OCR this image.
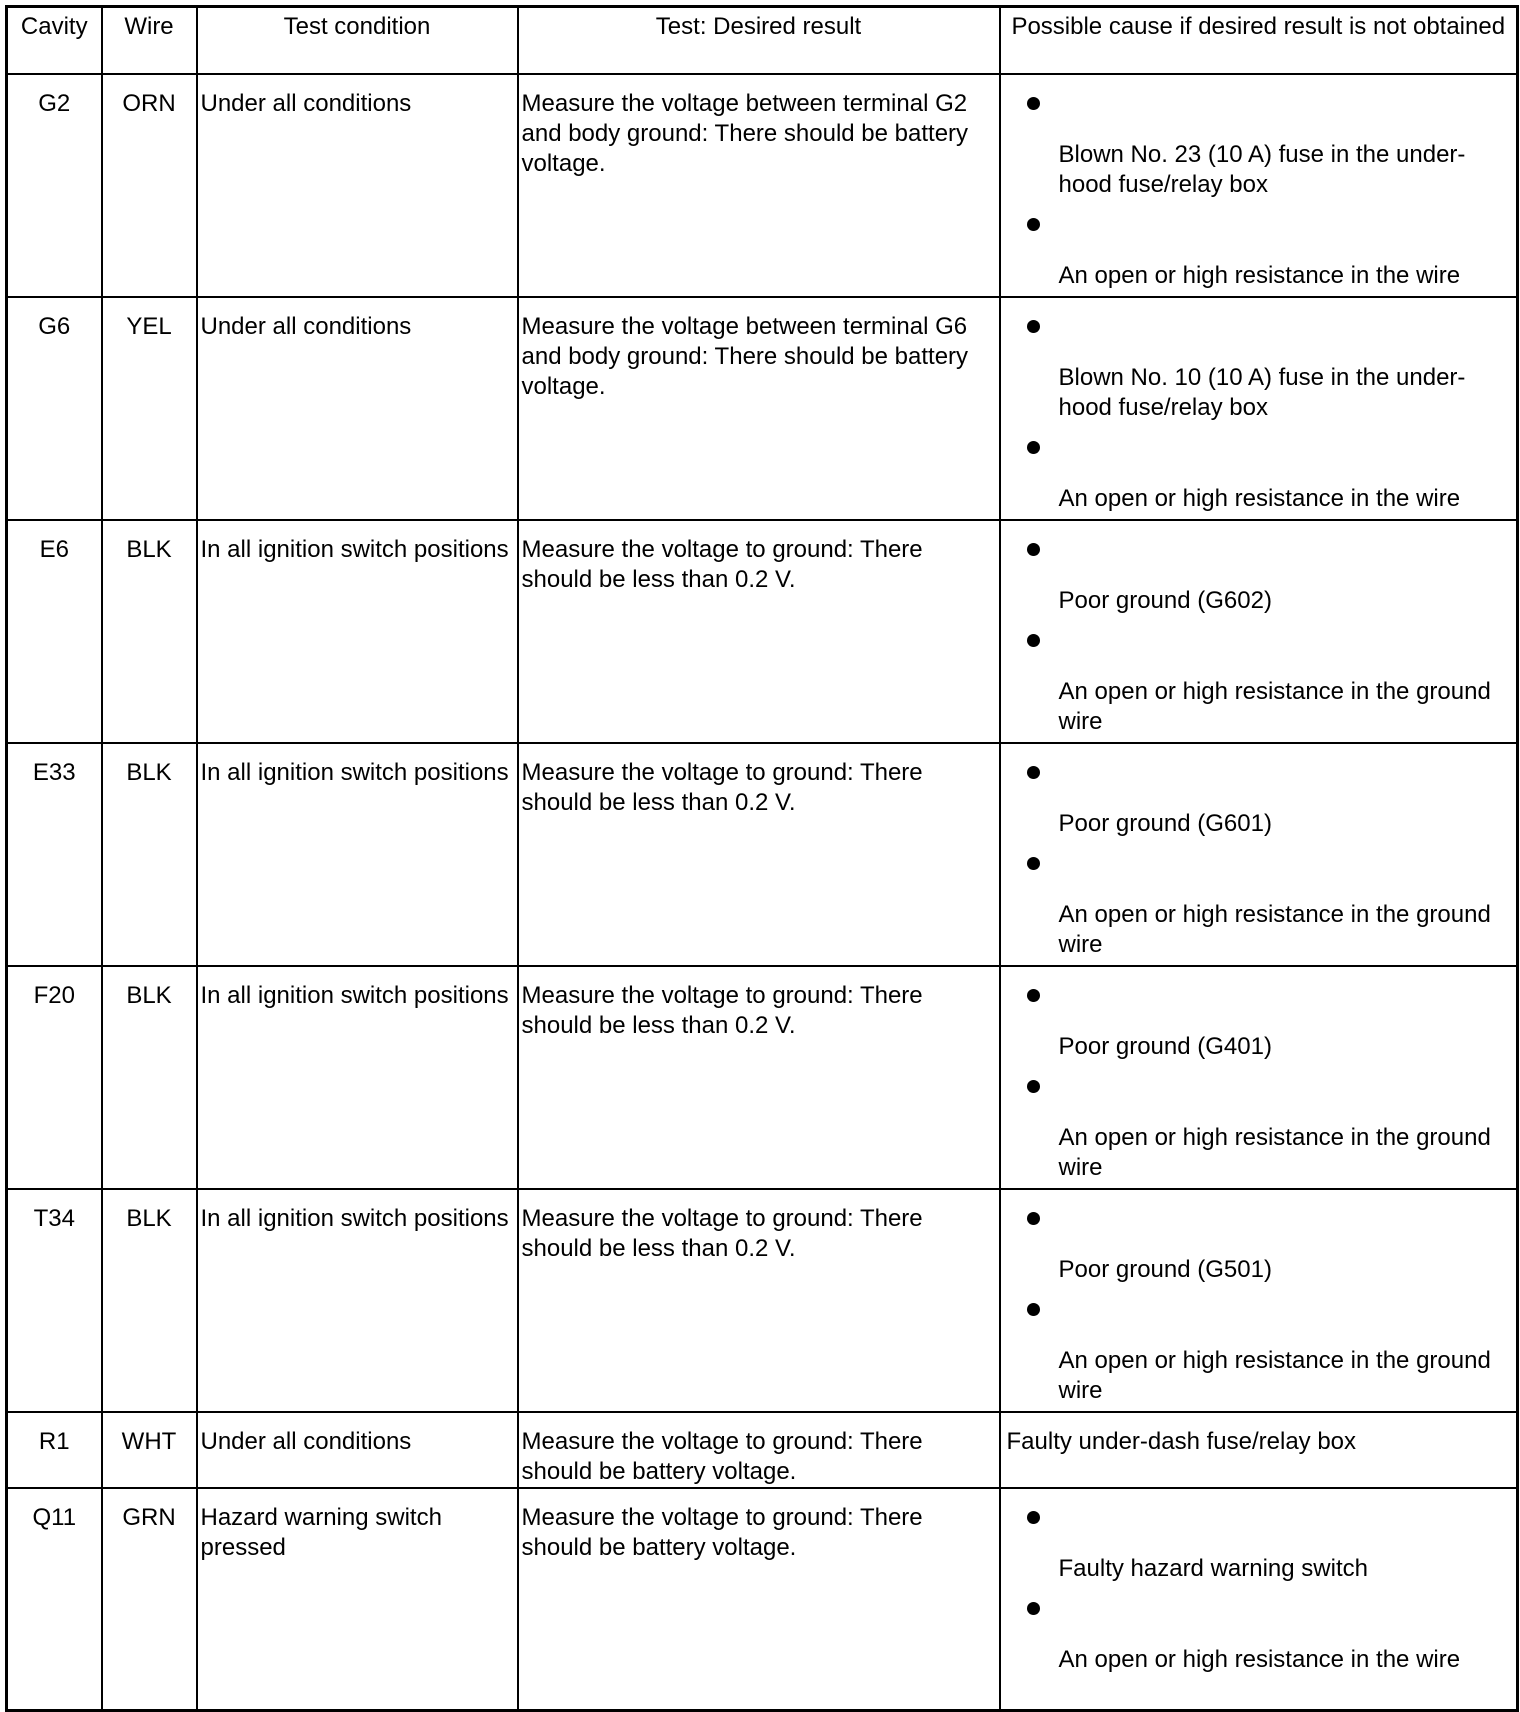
Cavity	Wire	Test condition	Test: Desired result	Possible cause if desired result is not obtained
G2	ORN	Under all conditions	Measure the voltage between terminal G2 and body ground: There should be battery voltage.	Blown No. 23 (10 A) fuse in the under-hood fuse/relay box
An open or high resistance in the wire

G6	YEL	Under all conditions	Measure the voltage between terminal G6 and body ground: There should be battery voltage.	Blown No. 10 (10 A) fuse in the under-hood fuse/relay box
An open or high resistance in the wire

E6	BLK	In all ignition switch positions	Measure the voltage to ground: There should be less than 0.2 V.	Poor ground (G602)
An open or high resistance in the ground wire

E33	BLK	In all ignition switch positions	Measure the voltage to ground: There should be less than 0.2 V.	Poor ground (G601)
An open or high resistance in the ground wire

F20	BLK	In all ignition switch positions	Measure the voltage to ground: There should be less than 0.2 V.	Poor ground (G401)
An open or high resistance in the ground wire

T34	BLK	In all ignition switch positions	Measure the voltage to ground: There should be less than 0.2 V.	Poor ground (G501)
An open or high resistance in the ground wire

R1	WHT	Under all conditions	Measure the voltage to ground: There should be battery voltage.	Faulty under-dash fuse/relay box
Q11	GRN	Hazard warning switch pressed	Measure the voltage to ground: There should be battery voltage.	Faulty hazard warning switch
An open or high resistance in the wire
